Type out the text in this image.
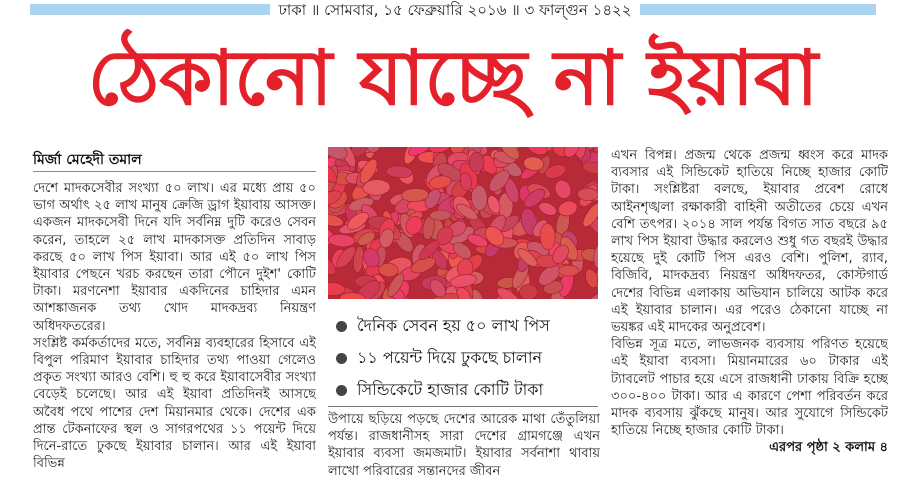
ঢাকা ॥ সোমবার, ১৫ ফেব্রুয়ারি ২০১৬ ॥ ৩ ফাল্গুন ১৪২২
ঠেকানো যাচ্ছে না ইয়াবা
মির্জা মেহেদী তমাল

দেশে মাদকসেবীর সংখ্যা ৫০ লাখ। এর মধ্যে প্রায় ৫০ ভাগ অর্থাৎ ২৫ লাখ মানুষ ক্রেজি ড্রাগ ইয়াবায় আসক্ত। একজন মাদকসেবী দিনে যদি সর্বনিম্ন দুটি করেও সেবন করেন, তাহলে ২৫ লাখ মাদকাসক্ত প্রতিদিন সাবাড় করছে ৫০ লাখ পিস ইয়াবা। আর এই ৫০ লাখ পিস ইয়াবার পেছনে খরচ করছেন তারা পৌনে দুইশ' কোটি টাকা। মরণনেশা ইয়াবার একদিনের চাহিদার এমন আশঙ্কাজনক তথ্য খোদ মাদকদ্রব্য নিয়ন্ত্রণ অধিদফতরের।

সংশ্লিষ্ট কর্মকর্তাদের মতে, সর্বনিম্ন ব্যবহারের হিসাবে এই বিপুল পরিমাণ ইয়াবার চাহিদার তথ্য পাওয়া গেলেও প্রকৃত সংখ্যা আরও বেশি। হু হু করে ইয়াবাসেবীর সংখ্যা বেড়েই চলেছে। আর এই ইয়াবা প্রতিদিনই আসছে অবৈধ পথে পাশের দেশ মিয়ানমার থেকে। দেশের এক প্রান্ত টেকনাফের স্থল ও সাগরপথের ১১ পয়েন্ট দিয়ে দিনে-রাতে ঢুকছে ইয়াবার চালান। আর এই ইয়াবা বিভিন্ন

দৈনিক সেবন হয় ৫০ লাখ পিস
১১ পয়েন্ট দিয়ে ঢুকছে চালান
সিন্ডিকেটে হাজার কোটি টাকা

উপায়ে ছড়িয়ে পড়ছে দেশের আরেক মাথা তেঁতুলিয়া পর্যন্ত। রাজধানীসহ সারা দেশের গ্রামগঞ্জে এখন ইয়াবার ব্যবসা জমজমাট। ইয়াবার সর্বনাশা থাবায় লাখো পরিবারের সন্তানদের জীবন

এখন বিপন্ন। প্রজন্ম থেকে প্রজন্ম ধ্বংস করে মাদক ব্যবসার এই সিন্ডিকেট হাতিয়ে নিচ্ছে হাজার কোটি টাকা। সংশ্লিষ্টরা বলছে, ইয়াবার প্রবেশ রোধে আইনশৃঙ্খলা রক্ষাকারী বাহিনী অতীতের চেয়ে এখন বেশি তৎপর। ২০১৪ সাল পর্যন্ত বিগত সাত বছরে ৯৫ লাখ পিস ইয়াবা উদ্ধার করলেও শুধু গত বছরই উদ্ধার হয়েছে দুই কোটি পিস এরও বেশি। পুলিশ, র‍্যাব, বিজিবি, মাদকদ্রব্য নিয়ন্ত্রণ অধিদফতর, কোস্টগার্ড দেশের বিভিন্ন এলাকায় অভিযান চালিয়ে আটক করে এই ইয়াবার চালান। এর পরেও ঠেকানো যাচ্ছে না ভয়ঙ্কর এই মাদকের অনুপ্রবেশ।

বিভিন্ন সূত্র মতে, লাভজনক ব্যবসায় পরিণত হয়েছে এই ইয়াবা ব্যবসা। মিয়ানমারের ৬০ টাকার এই ট্যাবলেট পাচার হয়ে এসে রাজধানী ঢাকায় বিক্রি হচ্ছে ৩০০-৪০০ টাকা। আর এ কারণে পেশা পরিবর্তন করে মাদক ব্যবসায় ঝুঁকছে মানুষ। আর সুযোগে সিন্ডিকেট হাতিয়ে নিচ্ছে হাজার কোটি টাকা।

এরপর পৃষ্ঠা ২ কলাম ৪
